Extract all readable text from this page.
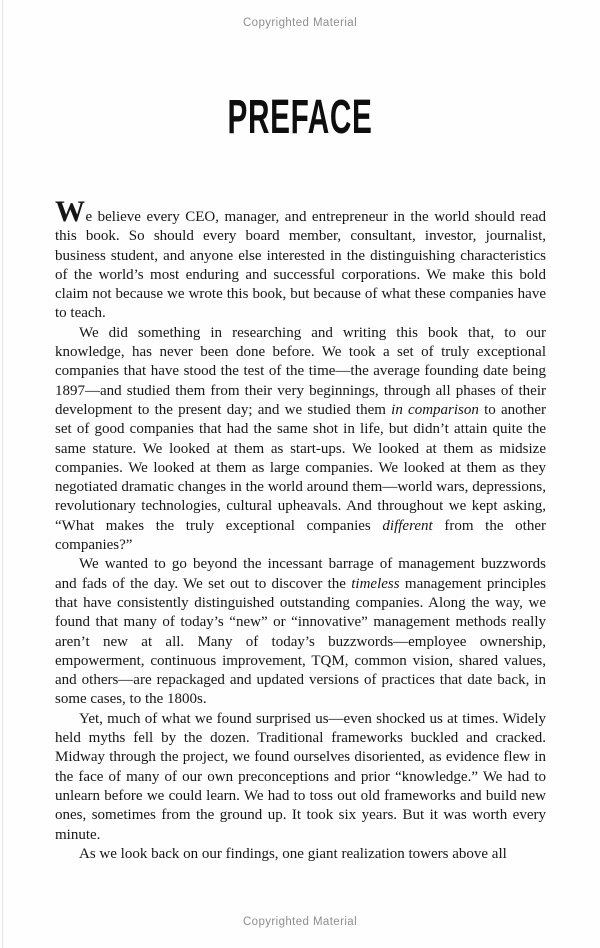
Copyrighted Material
PREFACE

We believe every CEO, manager, and entrepreneur in the world should read this book. So should every board member, consultant, investor, journalist, business student, and anyone else interested in the distinguishing characteristics of the world’s most enduring and successful corporations. We make this bold claim not because we wrote this book, but because of what these companies have to teach.

We did something in researching and writing this book that, to our knowledge, has never been done before. We took a set of truly exceptional companies that have stood the test of the time—the average founding date being 1897—and studied them from their very beginnings, through all phases of their development to the present day; and we studied them in comparison to another set of good companies that had the same shot in life, but didn’t attain quite the same stature. We looked at them as start-ups. We looked at them as midsize companies. We looked at them as large companies. We looked at them as they negotiated dramatic changes in the world around them—world wars, depressions, revolutionary technologies, cultural upheavals. And throughout we kept asking, “What makes the truly exceptional companies different from the other companies?”

We wanted to go beyond the incessant barrage of management buzzwords and fads of the day. We set out to discover the timeless management principles that have consistently distinguished outstanding companies. Along the way, we found that many of today’s “new” or “innovative” management methods really aren’t new at all. Many of today’s buzzwords—employee ownership, empowerment, continuous improvement, TQM, common vision, shared values, and others—are repackaged and updated versions of practices that date back, in some cases, to the 1800s.

Yet, much of what we found surprised us—even shocked us at times. Widely held myths fell by the dozen. Traditional frameworks buckled and cracked. Midway through the project, we found ourselves disoriented, as evidence flew in the face of many of our own preconceptions and prior “knowledge.” We had to unlearn before we could learn. We had to toss out old frameworks and build new ones, sometimes from the ground up. It took six years. But it was worth every minute.

As we look back on our findings, one giant realization towers above all

Copyrighted Material
